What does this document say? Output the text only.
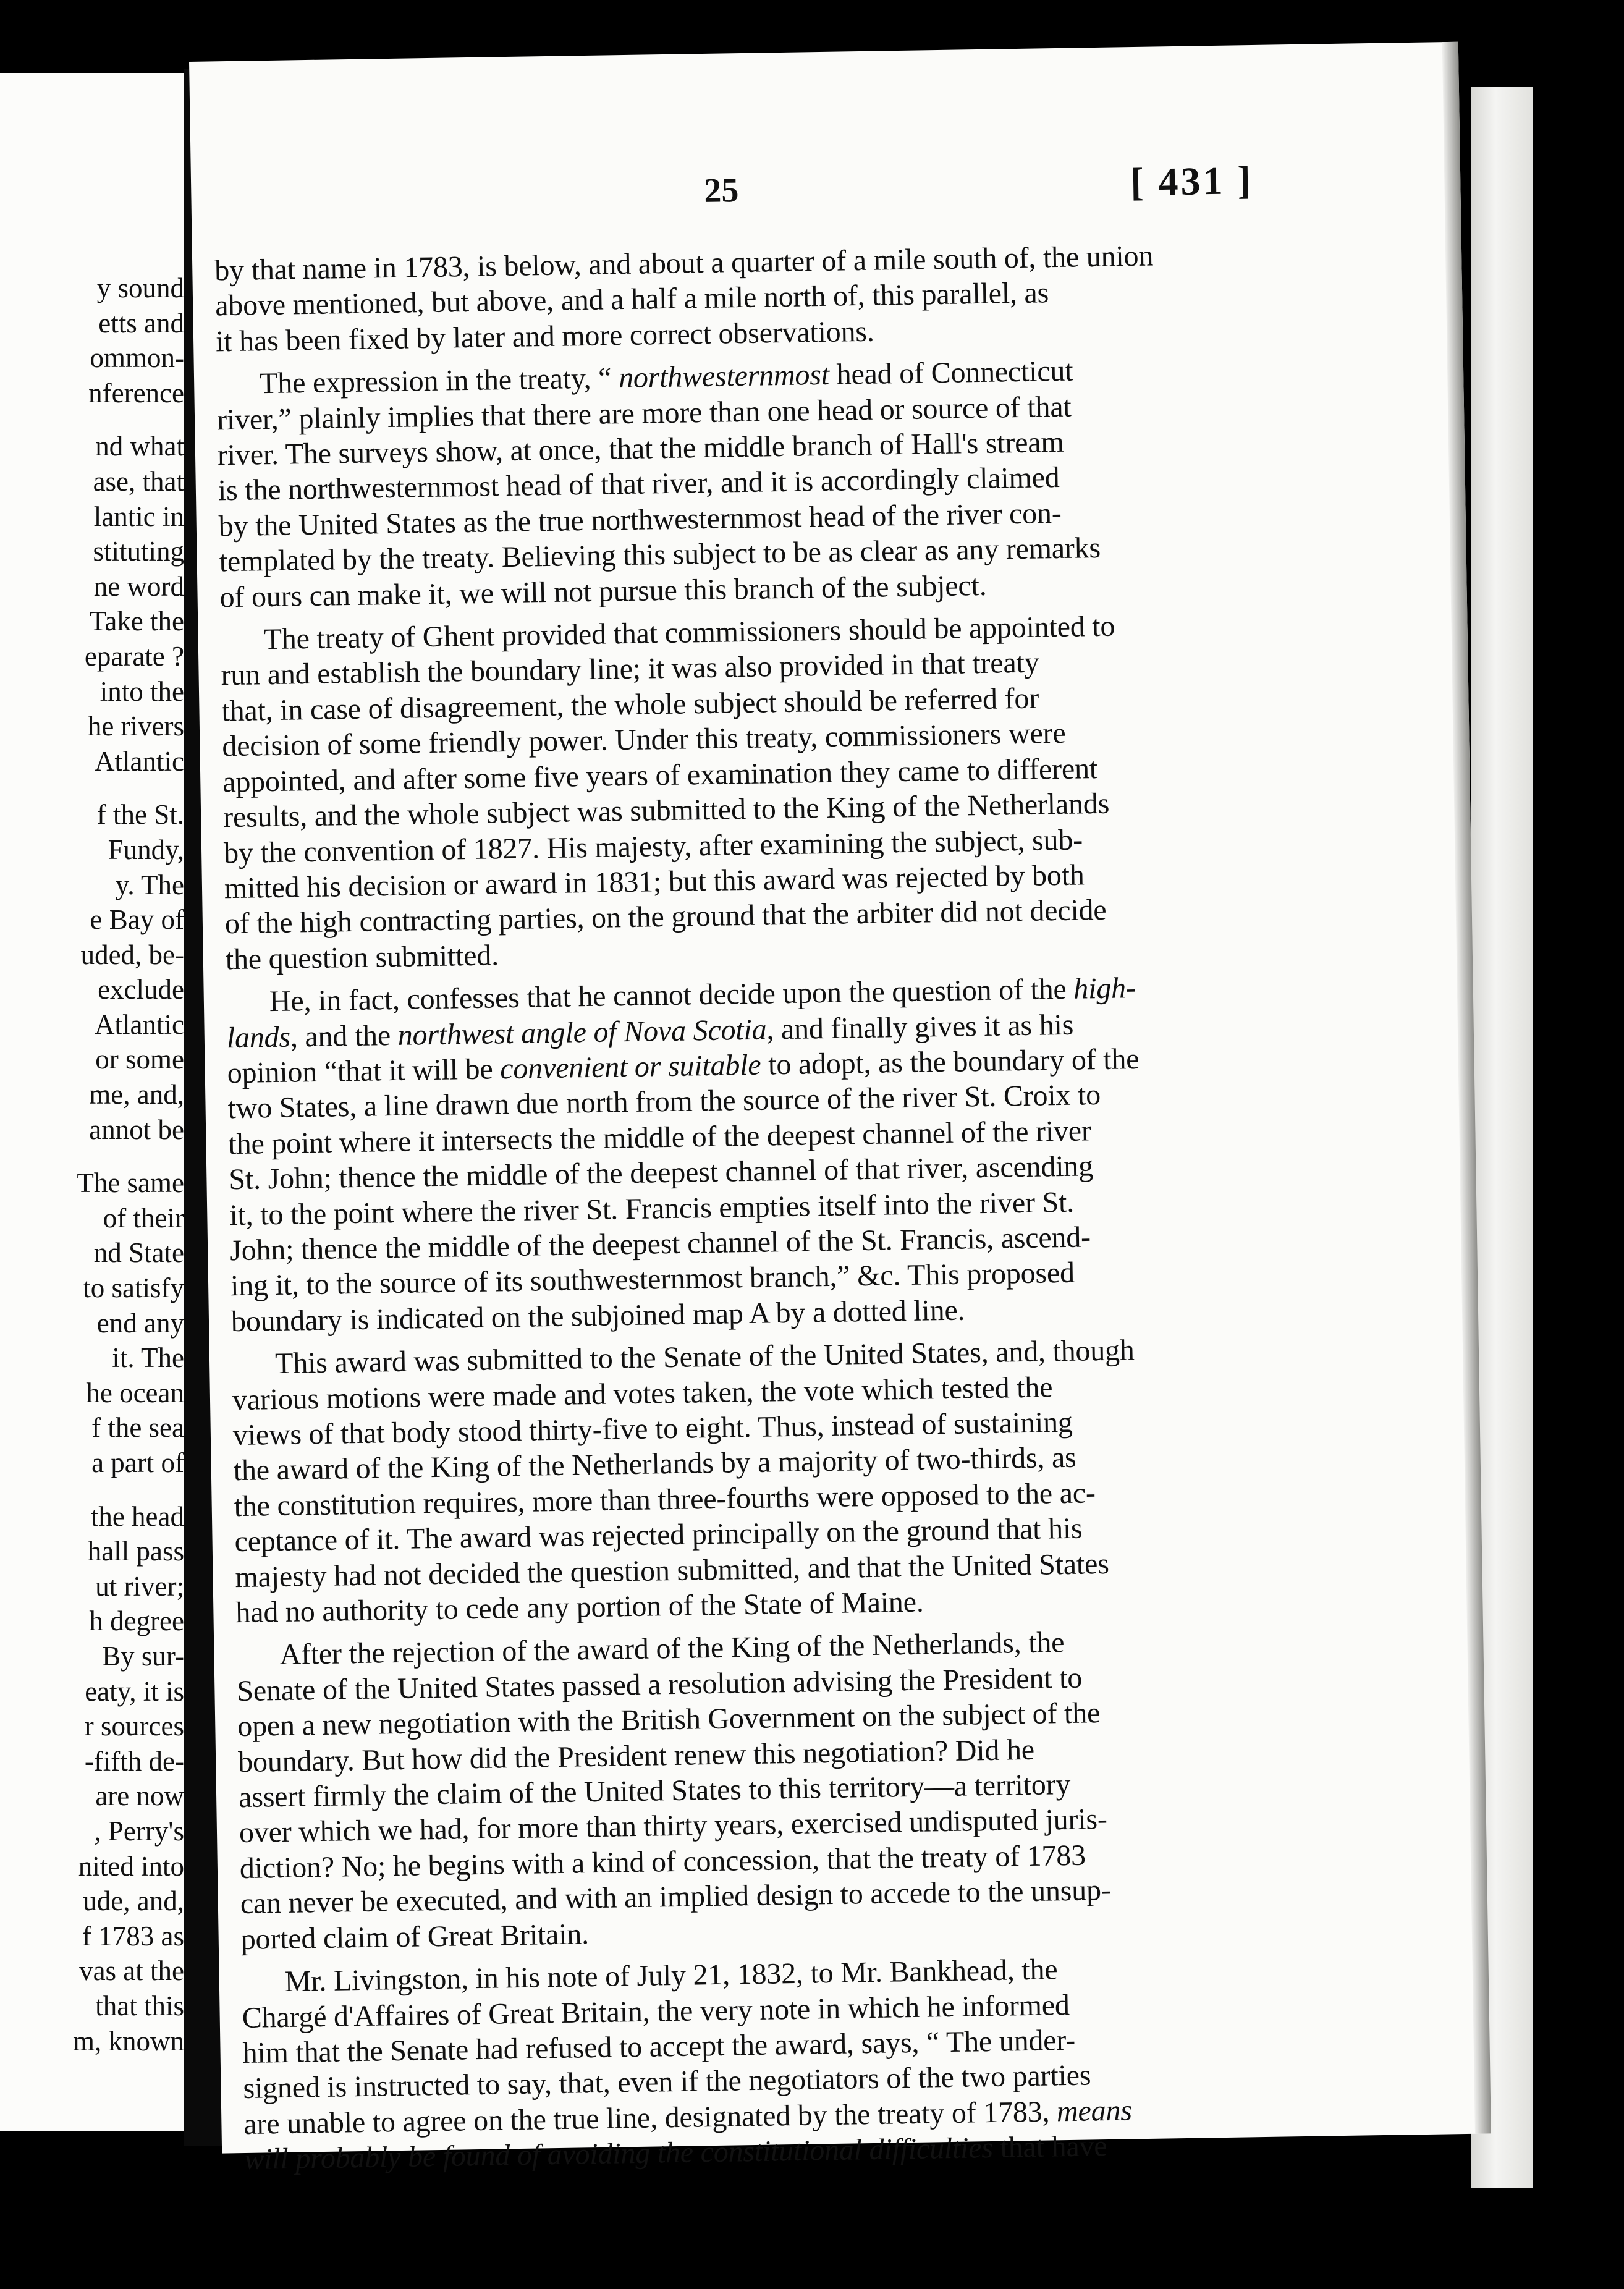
y sound
etts and
ommon-
nference
nd what
ase, that
lantic in
stituting
ne word
Take the
eparate ?
into the
he rivers
Atlantic
f the St.
Fundy,
y. The
e Bay of
uded, be-
exclude
Atlantic
or some
me, and,
annot be
The same
of their
nd State
to satisfy
end any
it. The
he ocean
f the sea
a part of
the head
hall pass
ut river;
h degree
By sur-
eaty, it is
r sources
-fifth de-
are now
, Perry's
nited into
ude, and,
f 1783 as
vas at the
that this
m, known
25	[ 431 ]
by that name in 1783, is below, and about a quarter of a mile south of, the union
above mentioned, but above, and a half a mile north of, this parallel, as
it has been fixed by later and more correct observations.
The expression in the treaty, “ northwesternmost head of Connecticut
river,” plainly implies that there are more than one head or source of that
river. The surveys show, at once, that the middle branch of Hall's stream
is the northwesternmost head of that river, and it is accordingly claimed
by the United States as the true northwesternmost head of the river con-
templated by the treaty. Believing this subject to be as clear as any remarks
of ours can make it, we will not pursue this branch of the subject.
The treaty of Ghent provided that commissioners should be appointed to
run and establish the boundary line; it was also provided in that treaty
that, in case of disagreement, the whole subject should be referred for
decision of some friendly power. Under this treaty, commissioners were
appointed, and after some five years of examination they came to different
results, and the whole subject was submitted to the King of the Netherlands
by the convention of 1827. His majesty, after examining the subject, sub-
mitted his decision or award in 1831; but this award was rejected by both
of the high contracting parties, on the ground that the arbiter did not decide
the question submitted.
He, in fact, confesses that he cannot decide upon the question of the high-
lands, and the northwest angle of Nova Scotia, and finally gives it as his
opinion “that it will be convenient or suitable to adopt, as the boundary of the
two States, a line drawn due north from the source of the river St. Croix to
the point where it intersects the middle of the deepest channel of the river
St. John; thence the middle of the deepest channel of that river, ascending
it, to the point where the river St. Francis empties itself into the river St.
John; thence the middle of the deepest channel of the St. Francis, ascend-
ing it, to the source of its southwesternmost branch,” &c. This proposed
boundary is indicated on the subjoined map A by a dotted line.
This award was submitted to the Senate of the United States, and, though
various motions were made and votes taken, the vote which tested the
views of that body stood thirty-five to eight. Thus, instead of sustaining
the award of the King of the Netherlands by a majority of two-thirds, as
the constitution requires, more than three-fourths were opposed to the ac-
ceptance of it. The award was rejected principally on the ground that his
majesty had not decided the question submitted, and that the United States
had no authority to cede any portion of the State of Maine.
After the rejection of the award of the King of the Netherlands, the
Senate of the United States passed a resolution advising the President to
open a new negotiation with the British Government on the subject of the
boundary. But how did the President renew this negotiation? Did he
assert firmly the claim of the United States to this territory—a territory
over which we had, for more than thirty years, exercised undisputed juris-
diction? No; he begins with a kind of concession, that the treaty of 1783
can never be executed, and with an implied design to accede to the unsup-
ported claim of Great Britain.
Mr. Livingston, in his note of July 21, 1832, to Mr. Bankhead, the
Chargé d'Affaires of Great Britain, the very note in which he informed
him that the Senate had refused to accept the award, says, “ The under-
signed is instructed to say, that, even if the negotiators of the two parties
are unable to agree on the true line, designated by the treaty of 1783, means
will probably be found of avoiding the constitutional difficulties that have
